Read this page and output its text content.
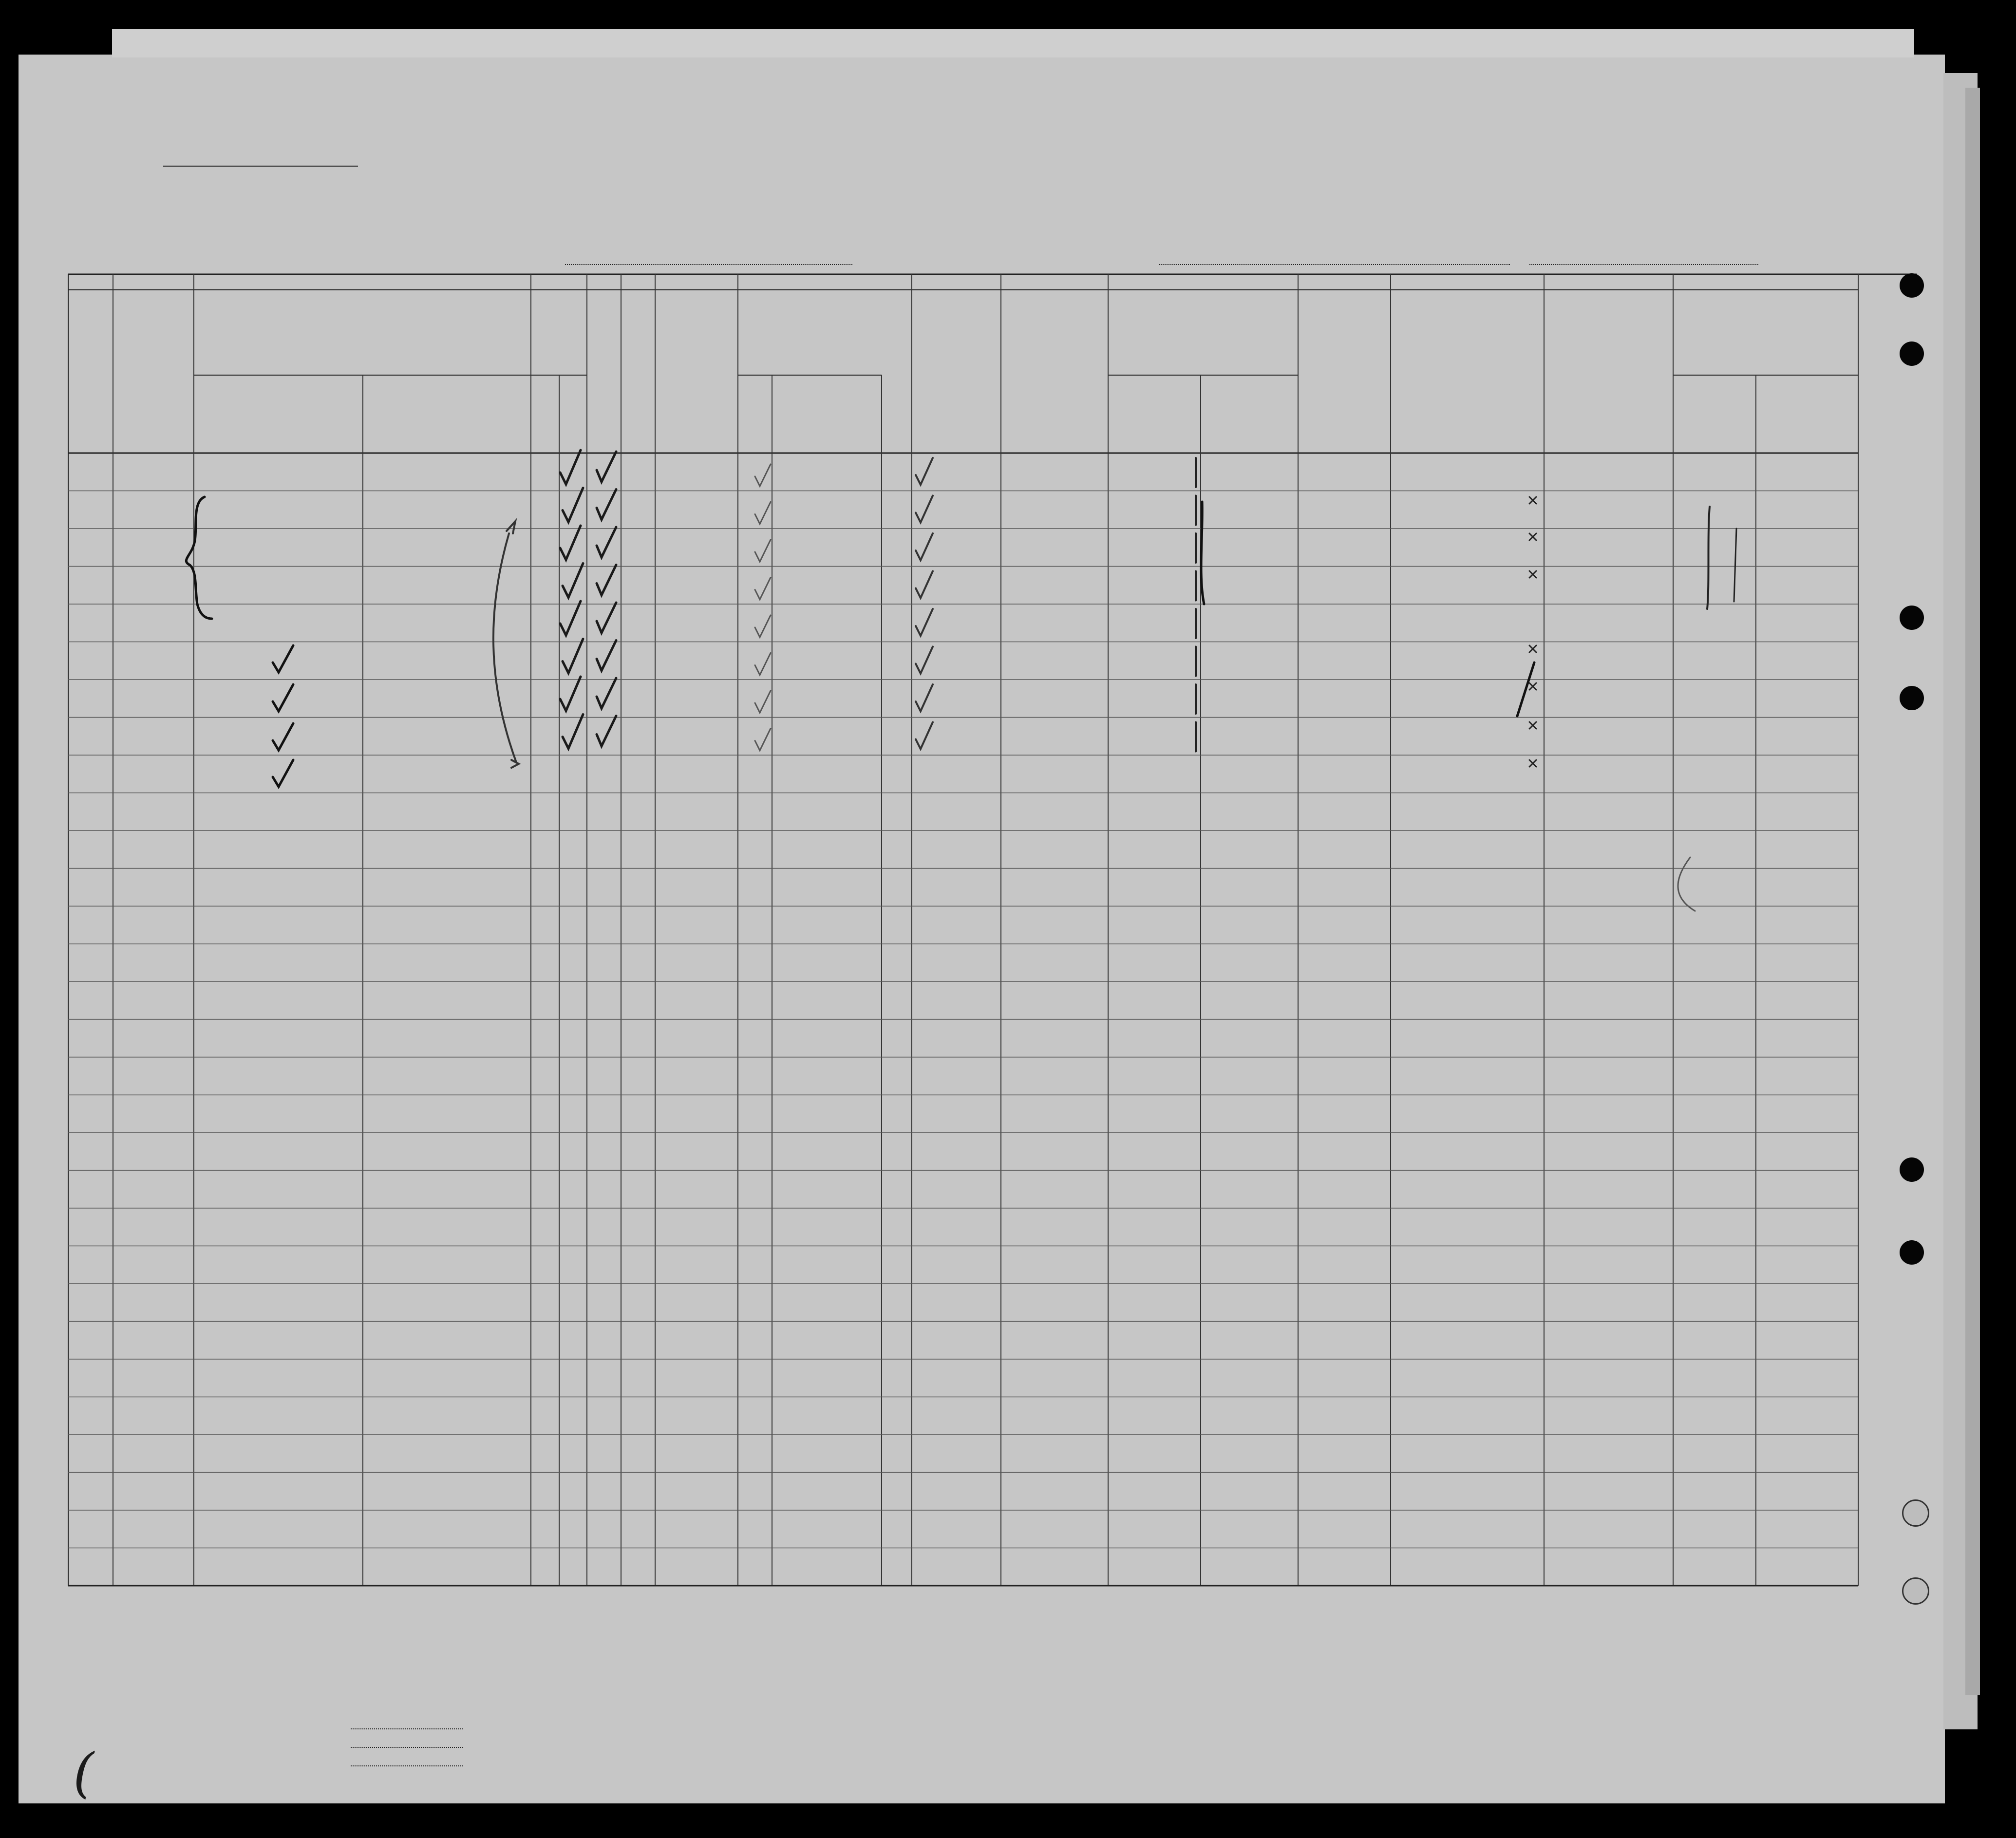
(
